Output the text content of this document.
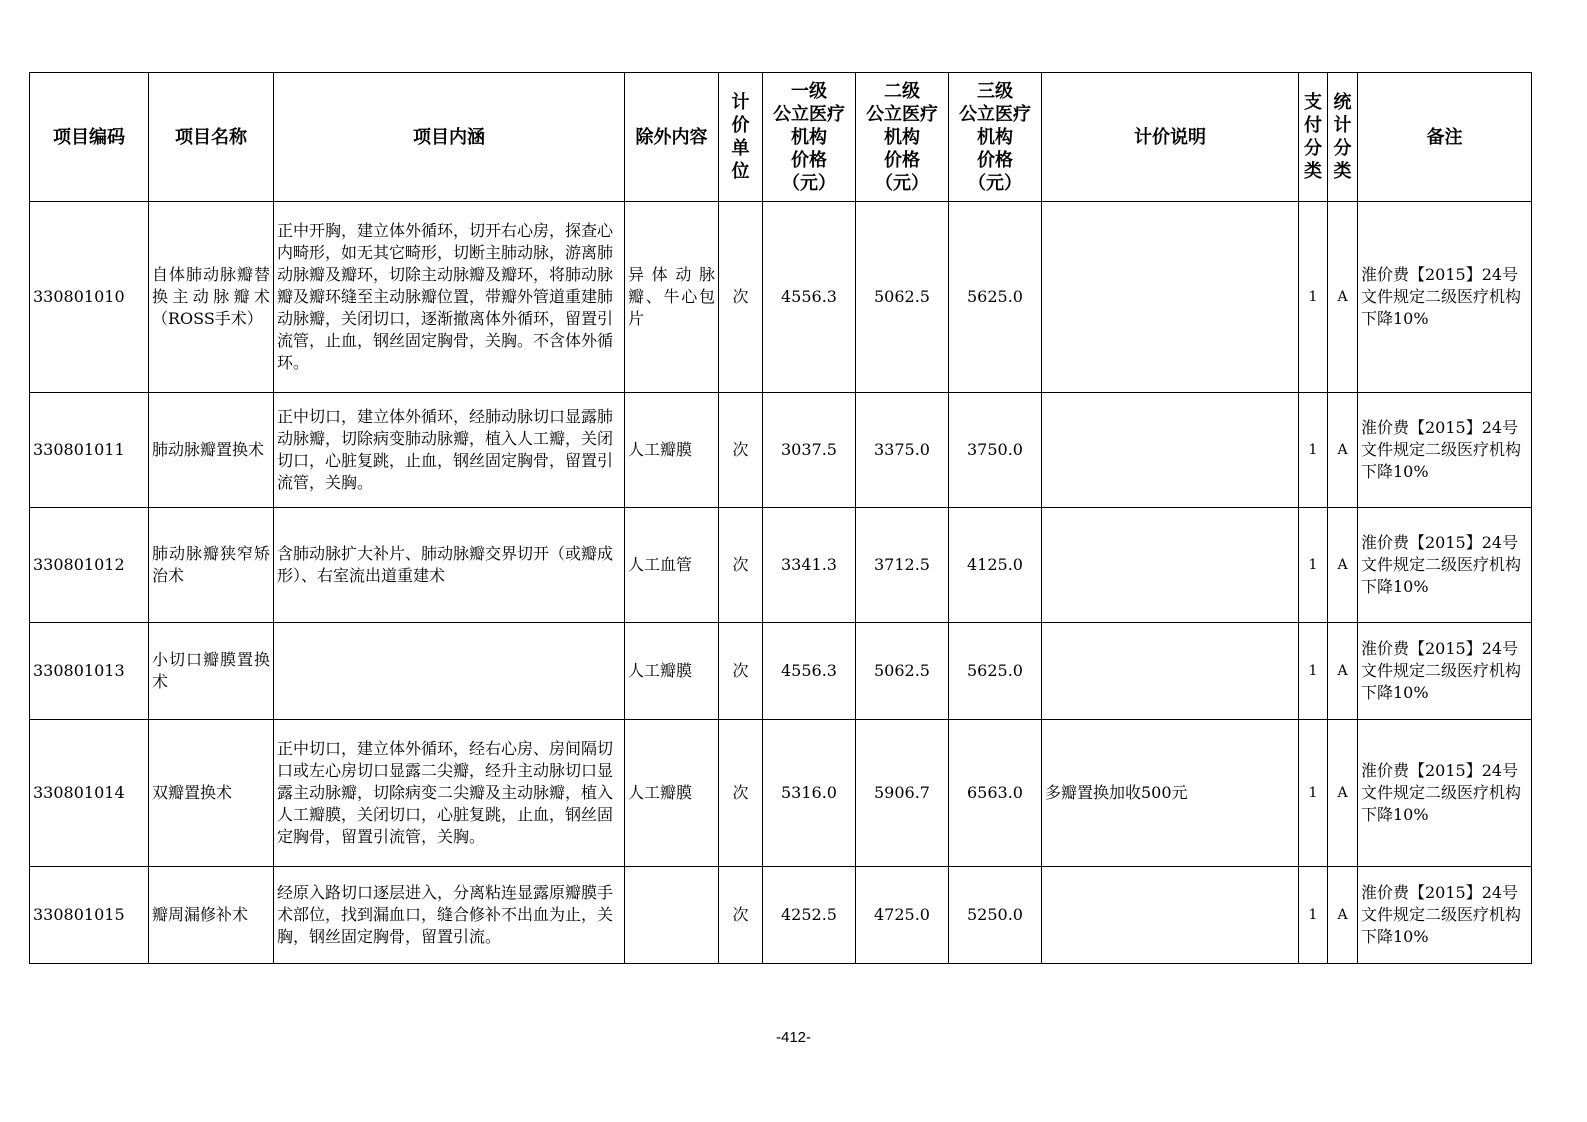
项目编码	项目名称	项目内涵	除外内容	计
价
单
位	一级
公立医疗
机构
价格
（元）	二级
公立医疗
机构
价格
（元）	三级
公立医疗
机构
价格
（元）	计价说明	支
付
分
类	统
计
分
类	备注
330801010	自体肺动脉瓣替换主动脉瓣术（ROSS手术）	正中开胸，建立体外循环，切开右心房，探查心内畸形，如无其它畸形，切断主肺动脉，游离肺动脉瓣及瓣环，切除主动脉瓣及瓣环，将肺动脉瓣及瓣环缝至主动脉瓣位置，带瓣外管道重建肺动脉瓣，关闭切口，逐渐撤离体外循环，留置引流管，止血，钢丝固定胸骨，关胸。不含体外循环。	异体动脉瓣、牛心包片	次	4556.3	5062.5	5625.0		1	A	淮价费【2015】24号文件规定二级医疗机构下降10%
330801011	肺动脉瓣置换术	正中切口，建立体外循环，经肺动脉切口显露肺动脉瓣，切除病变肺动脉瓣，植入人工瓣，关闭切口，心脏复跳，止血，钢丝固定胸骨，留置引流管，关胸。	人工瓣膜	次	3037.5	3375.0	3750.0		1	A	淮价费【2015】24号文件规定二级医疗机构下降10%
330801012	肺动脉瓣狭窄矫治术	含肺动脉扩大补片、肺动脉瓣交界切开（或瓣成形）、右室流出道重建术	人工血管	次	3341.3	3712.5	4125.0		1	A	淮价费【2015】24号文件规定二级医疗机构下降10%
330801013	小切口瓣膜置换术		人工瓣膜	次	4556.3	5062.5	5625.0		1	A	淮价费【2015】24号文件规定二级医疗机构下降10%
330801014	双瓣置换术	正中切口，建立体外循环，经右心房、房间隔切口或左心房切口显露二尖瓣，经升主动脉切口显露主动脉瓣，切除病变二尖瓣及主动脉瓣，植入人工瓣膜，关闭切口，心脏复跳，止血，钢丝固定胸骨，留置引流管，关胸。	人工瓣膜	次	5316.0	5906.7	6563.0	多瓣置换加收500元	1	A	淮价费【2015】24号文件规定二级医疗机构下降10%
330801015	瓣周漏修补术	经原入路切口逐层进入，分离粘连显露原瓣膜手术部位，找到漏血口，缝合修补不出血为止，关胸，钢丝固定胸骨，留置引流。		次	4252.5	4725.0	5250.0		1	A	淮价费【2015】24号文件规定二级医疗机构下降10%
-412-
